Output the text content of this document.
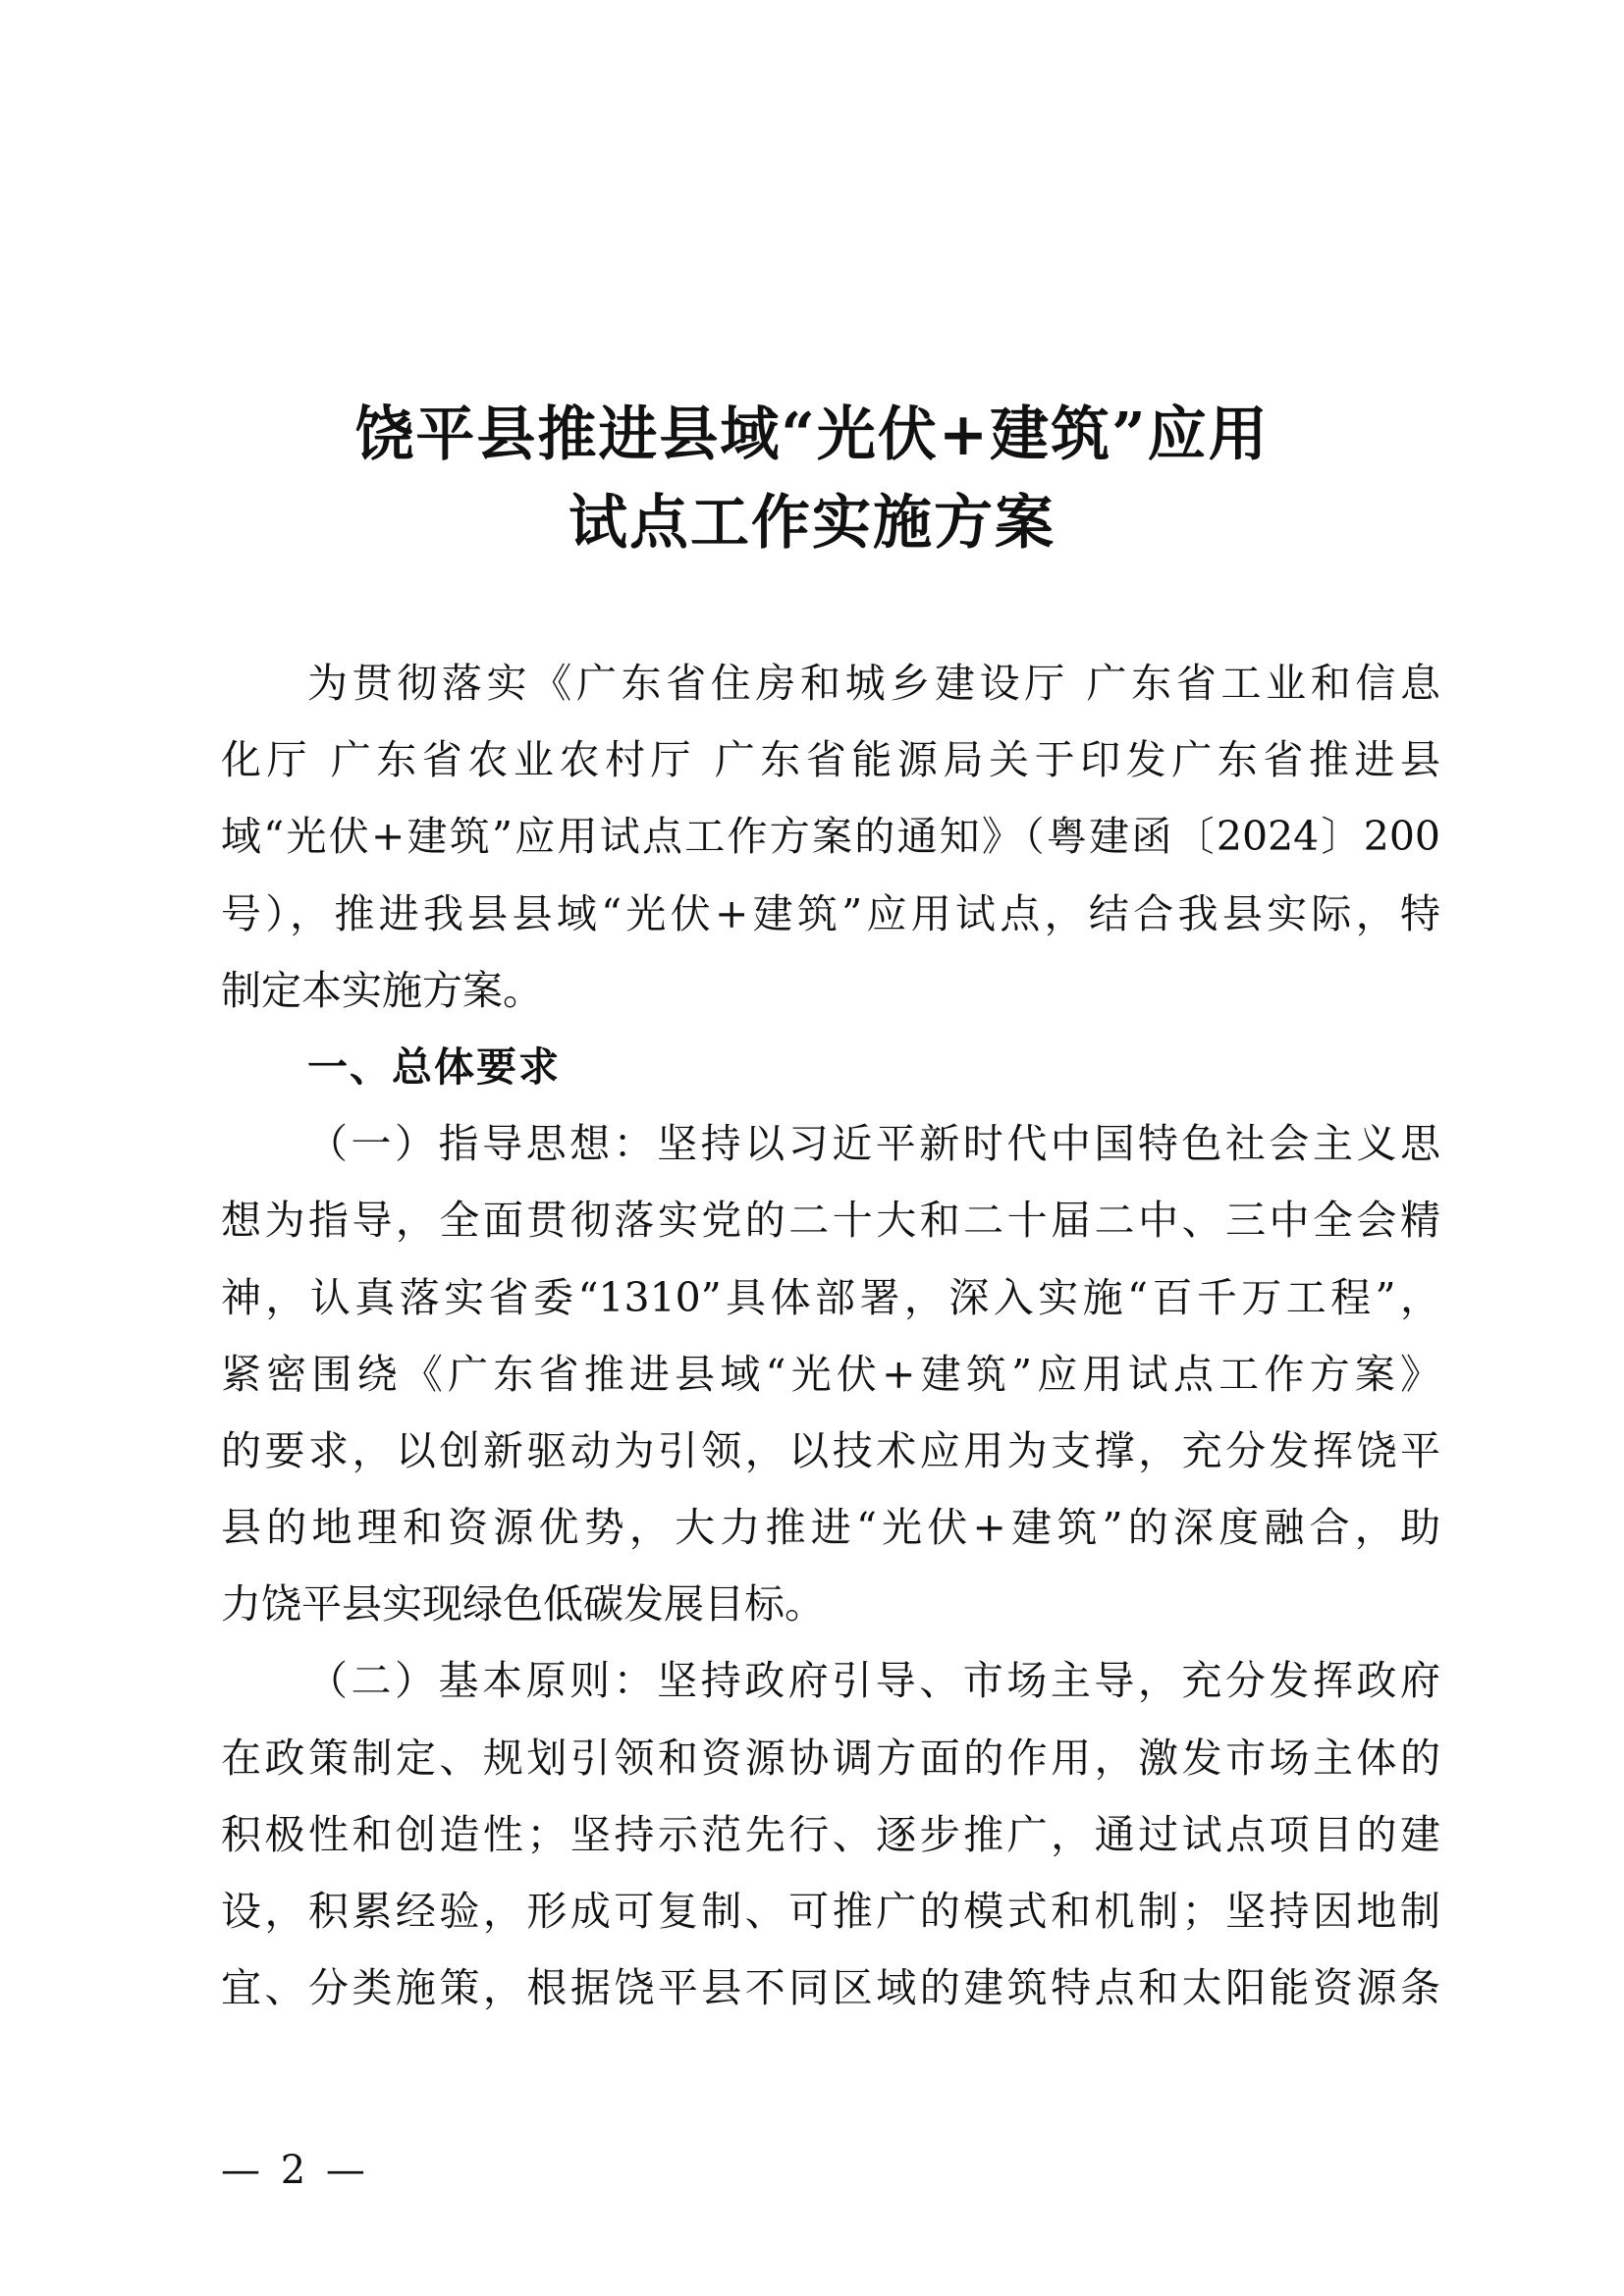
饶平县推进县域“光伏+建筑”应用
试点工作实施方案
为贯彻落实《广东省住房和城乡建设厅 广东省工业和信息
化厅 广东省农业农村厅 广东省能源局关于印发广东省推进县
域“光伏+建筑”应用试点工作方案的通知》（粤建函〔2024〕200
号），推进我县县域“光伏+建筑”应用试点，结合我县实际，特
制定本实施方案。
一、总体要求
（一）指导思想：坚持以习近平新时代中国特色社会主义思
想为指导，全面贯彻落实党的二十大和二十届二中、三中全会精
神，认真落实省委“1310”具体部署，深入实施“百千万工程”，
紧密围绕《广东省推进县域“光伏+建筑”应用试点工作方案》
的要求，以创新驱动为引领，以技术应用为支撑，充分发挥饶平
县的地理和资源优势，大力推进“光伏+建筑”的深度融合，助
力饶平县实现绿色低碳发展目标。
（二）基本原则：坚持政府引导、市场主导，充分发挥政府
在政策制定、规划引领和资源协调方面的作用，激发市场主体的
积极性和创造性；坚持示范先行、逐步推广，通过试点项目的建
设，积累经验，形成可复制、可推广的模式和机制；坚持因地制
宜、分类施策，根据饶平县不同区域的建筑特点和太阳能资源条
— 2 —
